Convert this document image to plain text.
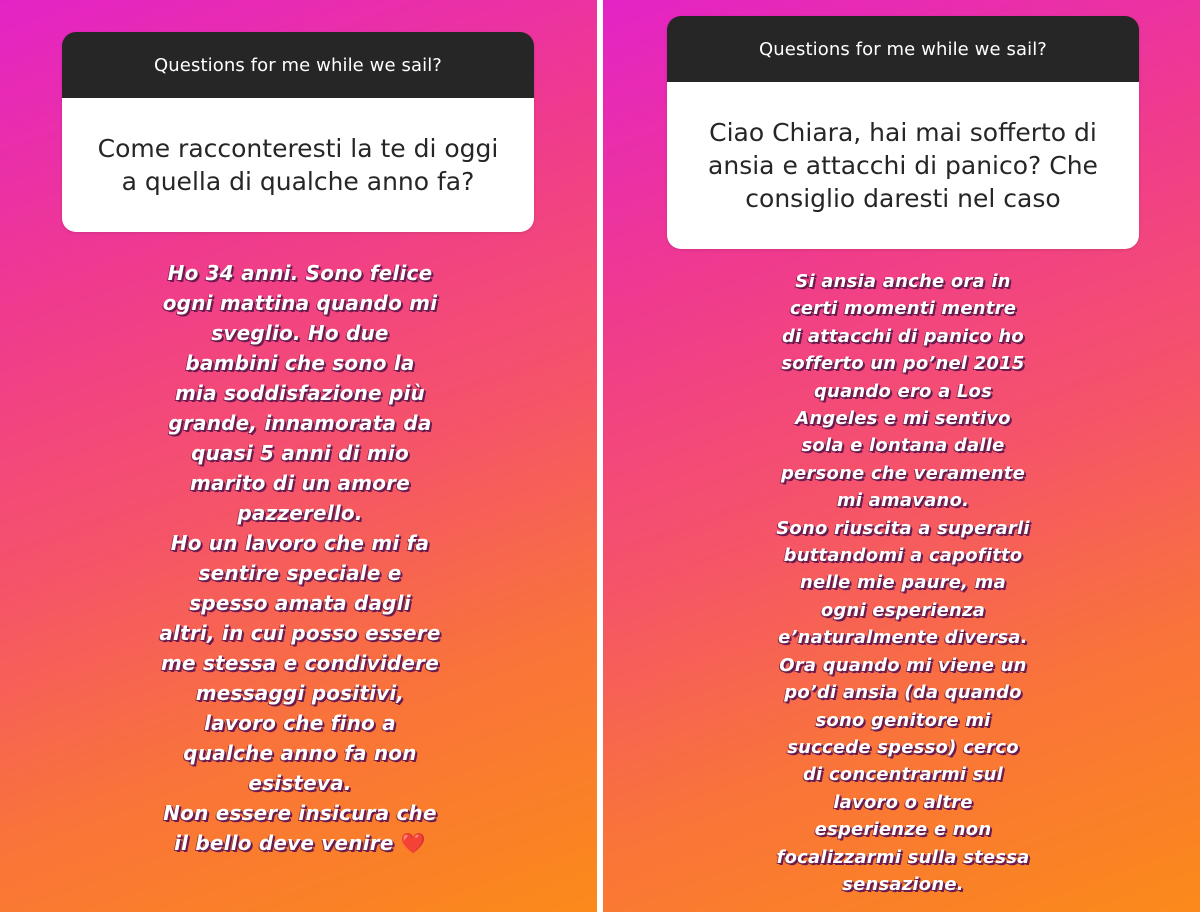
Questions for me while we sail?
Come racconteresti la te di oggi a quella di qualche anno fa?
Ho 34 anni. Sono felice
ogni mattina quando mi
sveglio. Ho due
bambini che sono la
mia soddisfazione più
grande, innamorata da
quasi 5 anni di mio
marito di un amore
pazzerello.
Ho un lavoro che mi fa
sentire speciale e
spesso amata dagli
altri, in cui posso essere
me stessa e condividere
messaggi positivi,
lavoro che fino a
qualche anno fa non
esisteva.
Non essere insicura che
il bello deve venire ❤️
Questions for me while we sail?
Ciao Chiara, hai mai sofferto di ansia e attacchi di panico? Che consiglio daresti nel caso
Si ansia anche ora in
certi momenti mentre
di attacchi di panico ho
sofferto un po’nel 2015
quando ero a Los
Angeles e mi sentivo
sola e lontana dalle
persone che veramente
mi amavano.
Sono riuscita a superarli
buttandomi a capofitto
nelle mie paure, ma
ogni esperienza
e’naturalmente diversa.
Ora quando mi viene un
po’di ansia (da quando
sono genitore mi
succede spesso) cerco
di concentrarmi sul
lavoro o altre
esperienze e non
focalizzarmi sulla stessa
sensazione.
